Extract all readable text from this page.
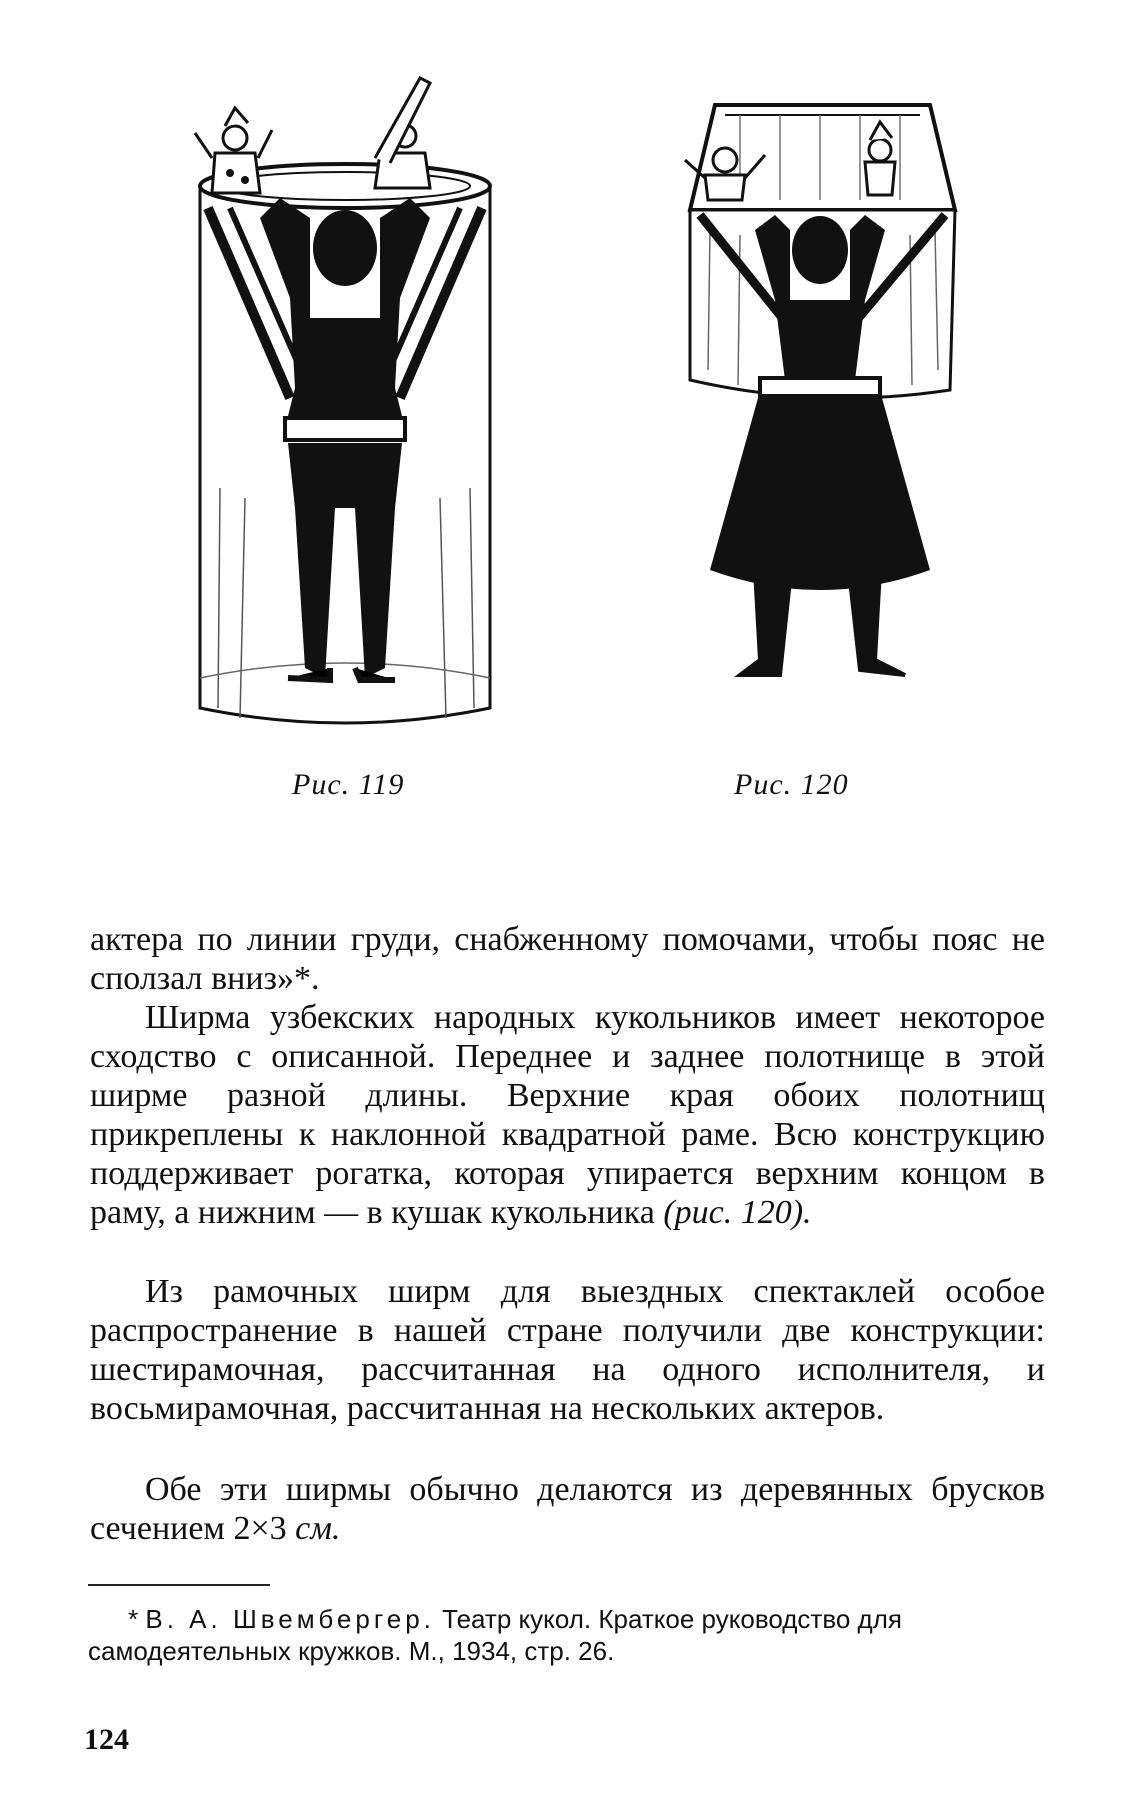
Рис. 119	Рис. 120

актера по линии груди, снабженному помочами, чтобы пояс не сползал вниз»*.

Ширма узбекских народных кукольников имеет некоторое сходство с описанной. Переднее и заднее полотнище в этой ширме разной длины. Верхние края обоих полотнищ прикреплены к наклонной квадратной раме. Всю конструкцию поддерживает рогатка, которая упирается верхним концом в раму, а нижним — в кушак кукольника (рис. 120).

Из рамочных ширм для выездных спектаклей особое распространение в нашей стране получили две конструкции: шестирамочная, рассчитанная на одного исполнителя, и восьмирамочная, рассчитанная на нескольких актеров.

Обе эти ширмы обычно делаются из деревянных брусков сечением 2×3 см.

* В. А. Швембергер. Театр кукол. Краткое руководство для самодеятельных кружков. М., 1934, стр. 26.
124
